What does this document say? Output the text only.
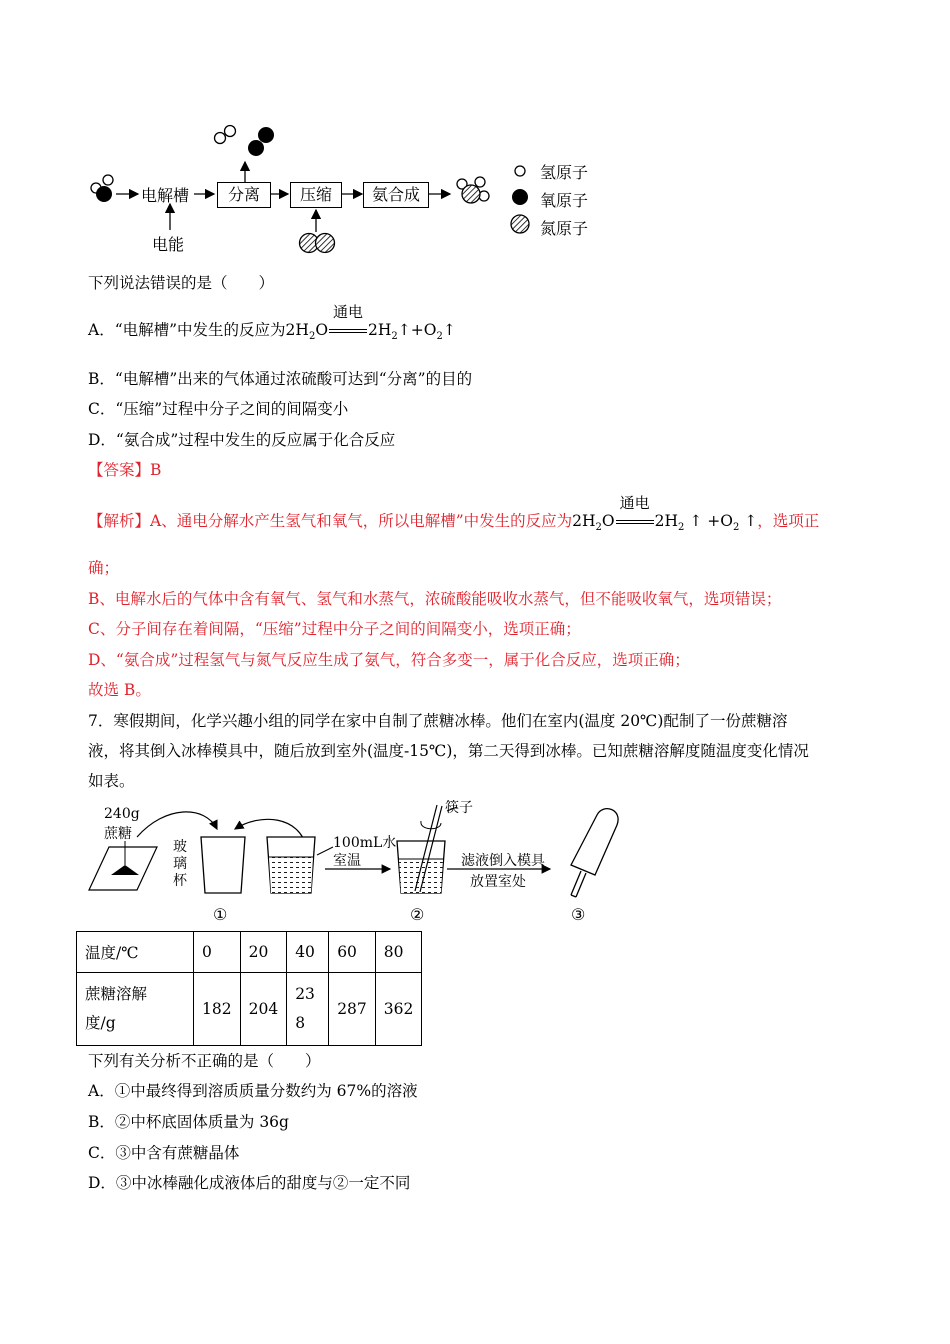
电解槽	分离	压缩	氨合成
电能
氢原子
氧原子
氮原子
下列说法错误的是（　　）
A．“电解槽”中发生的反应为$2H_2O$
通电
$2H_2↑+O_2↑$
B．“电解槽”出来的气体通过浓硫酸可达到“分离”的目的
C．“压缩”过程中分子之间的间隔变小
D．“氨合成”过程中发生的反应属于化合反应
【答案】B
【解析】A、通电分解水产生氢气和氧气，所以电解槽”中发生的反应为$2H_2O$
通电
$2H_2$ ↑ $+O_2$ ↑，选项正
确；
B、电解水后的气体中含有氧气、氢气和水蒸气，浓硫酸能吸收水蒸气，但不能吸收氧气，选项错误；
C、分子间存在着间隔，“压缩”过程中分子之间的间隔变小，选项正确；
D、“氨合成”过程氢气与氮气反应生成了氨气，符合多变一，属于化合反应，选项正确；
故选 B。
7．寒假期间，化学兴趣小组的同学在家中自制了蔗糖冰棒。他们在室内(温度 20℃)配制了一份蔗糖溶
液，将其倒入冰棒模具中，随后放到室外(温度-15℃)，第二天得到冰棒。已知蔗糖溶解度随温度变化情况
如表。
240g
蔗糖
玻
璃
杯
100mL水
室温
筷子
滤液倒入模具
放置室处
①	②	③
温度/℃	0	20	40	60	80
蔗糖溶解
度/g	182	204	238	287	362
下列有关分析不正确的是（　　）
A．①中最终得到溶质质量分数约为 67%的溶液
B．②中杯底固体质量为 36g
C．③中含有蔗糖晶体
D．③中冰棒融化成液体后的甜度与②一定不同
